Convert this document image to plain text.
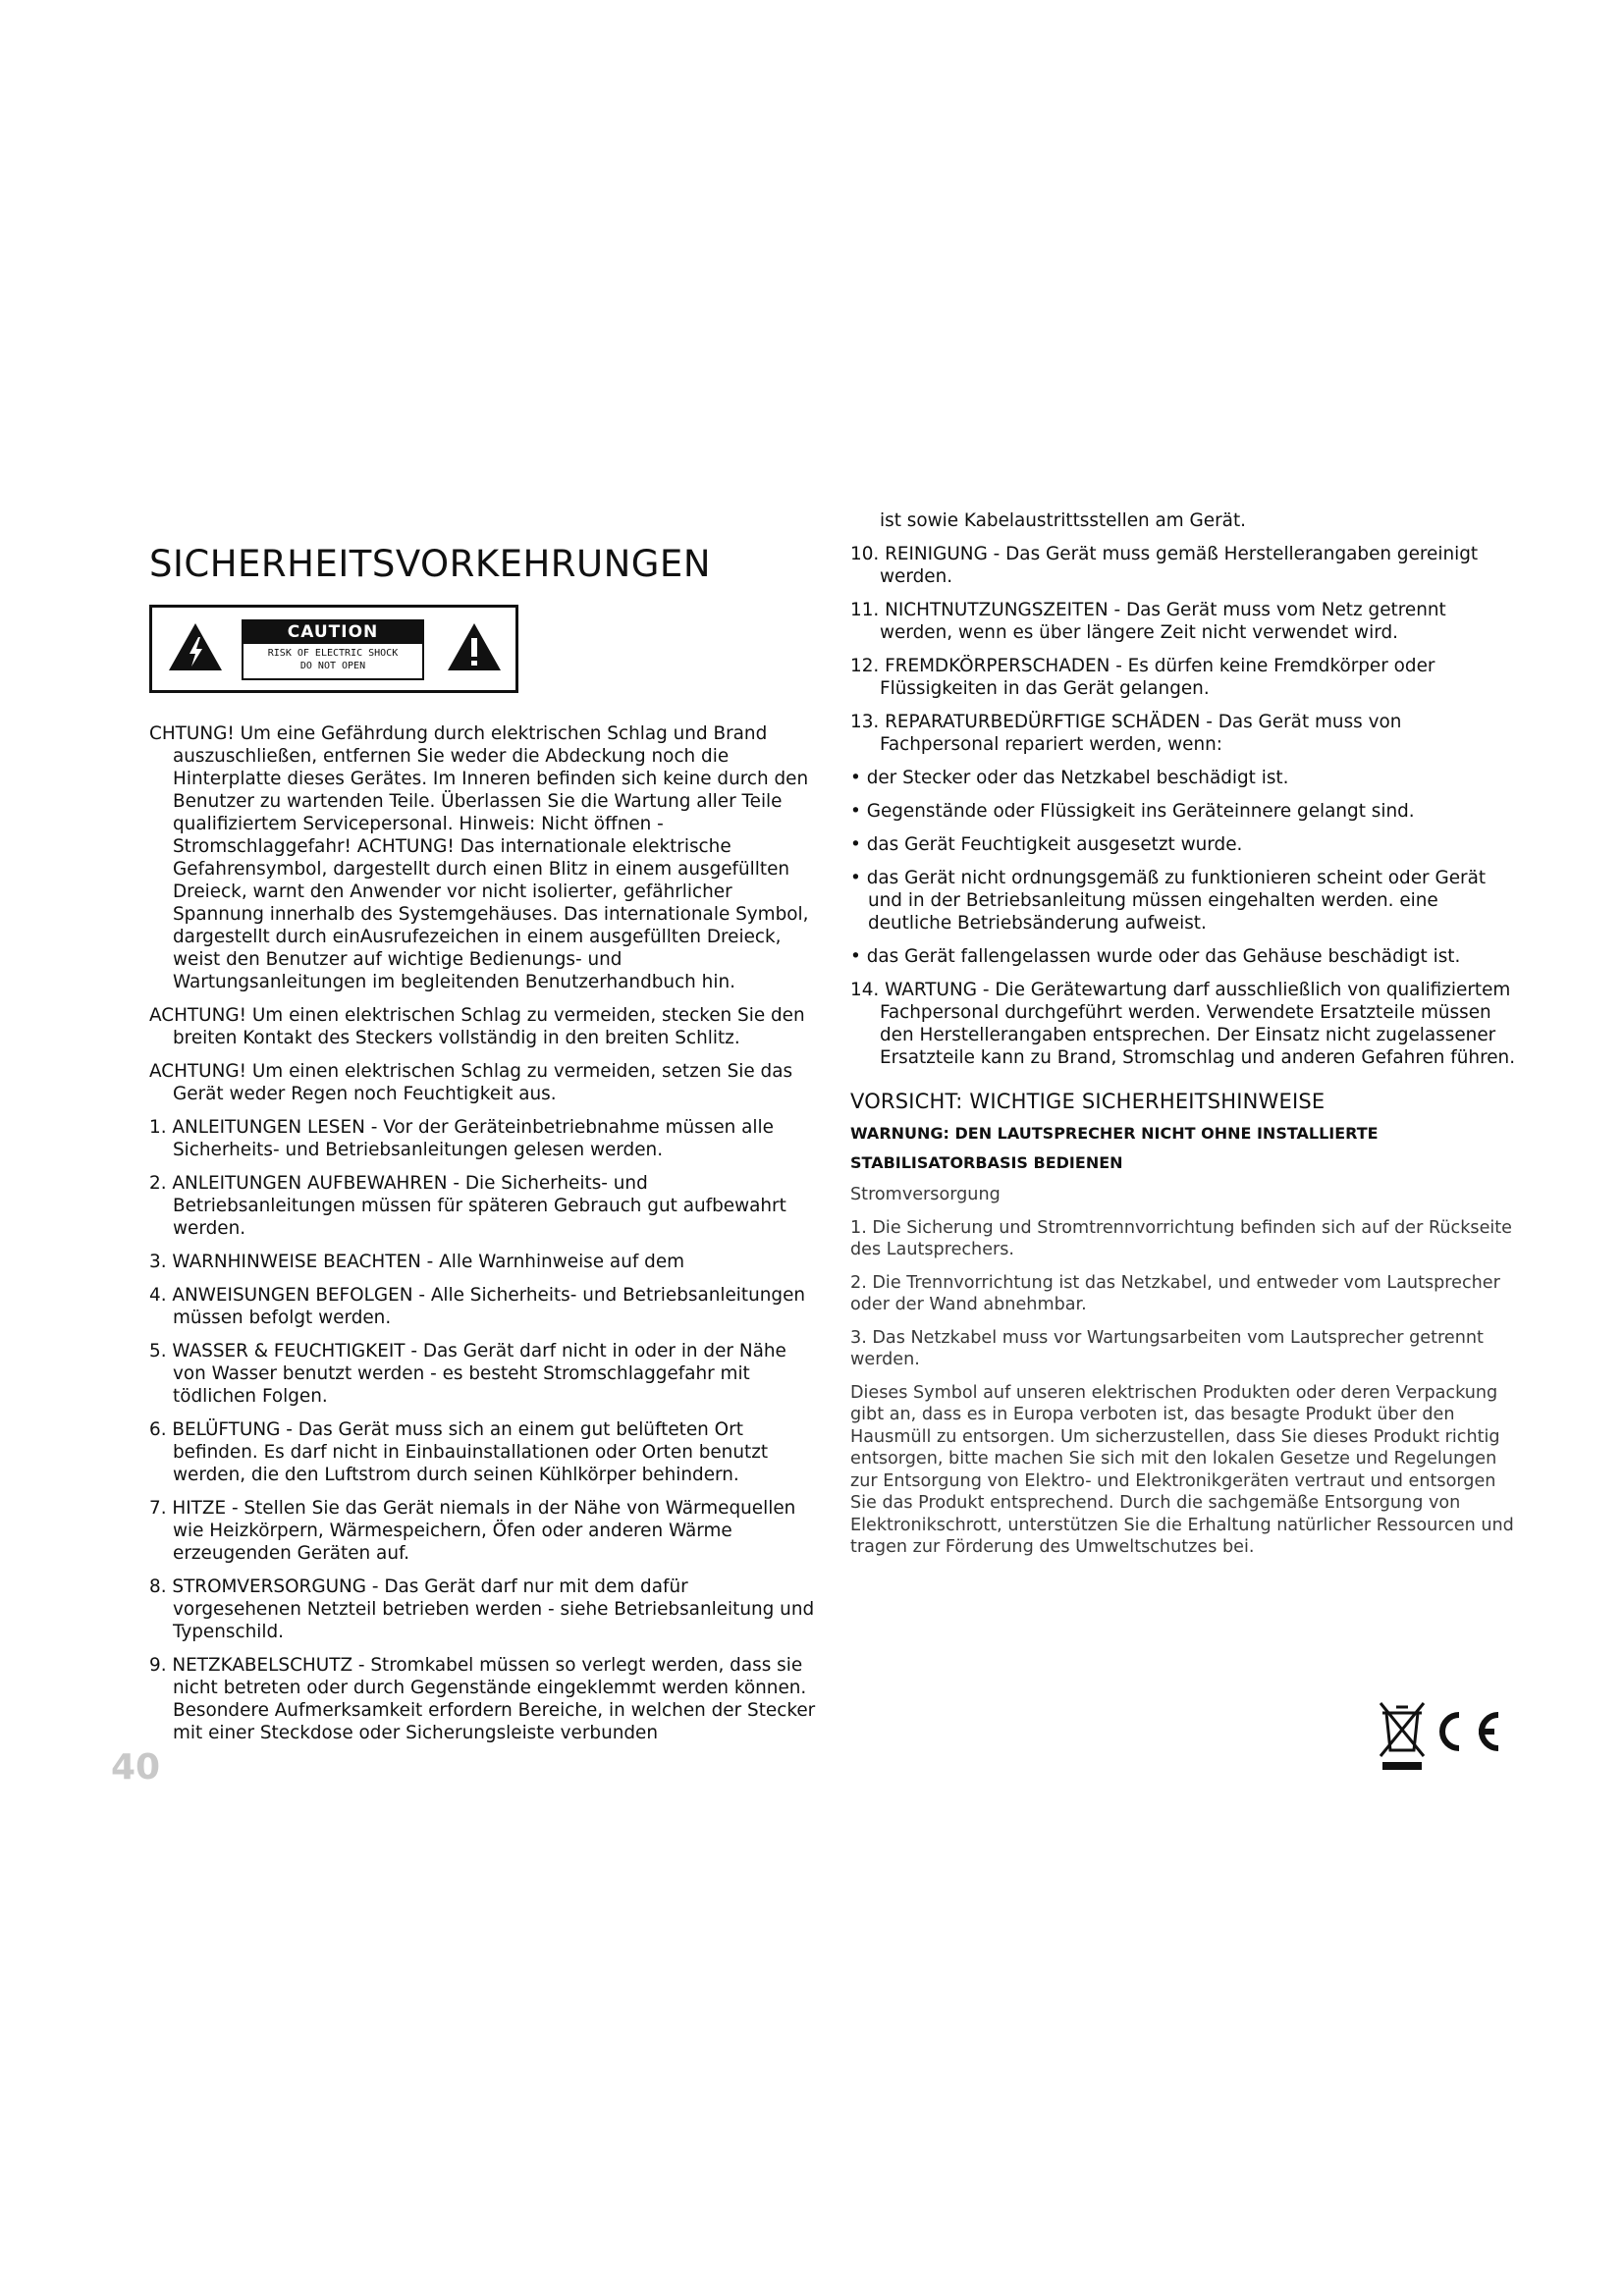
SICHERHEITSVORKEHRUNGEN
CAUTION
RISK OF ELECTRIC SHOCK
DO NOT OPEN

CHTUNG! Um eine Gefährdung durch elektrischen Schlag und Brand auszuschließen, entfernen Sie weder die Abdeckung noch die Hinterplatte dieses Gerätes. Im Inneren befinden sich keine durch den Benutzer zu wartenden Teile. Überlassen Sie die Wartung aller Teile qualifiziertem Servicepersonal. Hinweis: Nicht öffnen - Stromschlaggefahr! ACHTUNG! Das internationale elektrische Gefahrensymbol, dargestellt durch einen Blitz in einem ausgefüllten Dreieck, warnt den Anwender vor nicht isolierter, gefährlicher Spannung innerhalb des Systemgehäuses. Das internationale Symbol, dargestellt durch einAusrufezeichen in einem ausgefüllten Dreieck, weist den Benutzer auf wichtige Bedienungs- und Wartungsanleitungen im begleitenden Benutzerhandbuch hin.

ACHTUNG! Um einen elektrischen Schlag zu vermeiden, stecken Sie den breiten Kontakt des Steckers vollständig in den breiten Schlitz.

ACHTUNG! Um einen elektrischen Schlag zu vermeiden, setzen Sie das Gerät weder Regen noch Feuchtigkeit aus.

1. ANLEITUNGEN LESEN - Vor der Geräteinbetriebnahme müssen alle Sicherheits- und Betriebsanleitungen gelesen werden.

2. ANLEITUNGEN AUFBEWAHREN - Die Sicherheits- und Betriebsanleitungen müssen für späteren Gebrauch gut aufbewahrt werden.

3. WARNHINWEISE BEACHTEN - Alle Warnhinweise auf dem

4. ANWEISUNGEN BEFOLGEN - Alle Sicherheits- und Betriebsanleitungen müssen befolgt werden.

5. WASSER & FEUCHTIGKEIT - Das Gerät darf nicht in oder in der Nähe von Wasser benutzt werden - es besteht Stromschlaggefahr mit tödlichen Folgen.

6. BELÜFTUNG - Das Gerät muss sich an einem gut belüfteten Ort befinden. Es darf nicht in Einbauinstallationen oder Orten benutzt werden, die den Luftstrom durch seinen Kühlkörper behindern.

7. HITZE - Stellen Sie das Gerät niemals in der Nähe von Wärmequellen wie Heizkörpern, Wärmespeichern, Öfen oder anderen Wärme erzeugenden Geräten auf.

8. STROMVERSORGUNG - Das Gerät darf nur mit dem dafür vorgesehenen Netzteil betrieben werden - siehe Betriebsanleitung und Typenschild.

9. NETZKABELSCHUTZ - Stromkabel müssen so verlegt werden, dass sie nicht betreten oder durch Gegenstände eingeklemmt werden können. Besondere Aufmerksamkeit erfordern Bereiche, in welchen der Stecker mit einer Steckdose oder Sicherungsleiste verbunden

ist sowie Kabelaustrittsstellen am Gerät.

10. REINIGUNG - Das Gerät muss gemäß Herstellerangaben gereinigt werden.

11. NICHTNUTZUNGSZEITEN - Das Gerät muss vom Netz getrennt werden, wenn es über längere Zeit nicht verwendet wird.

12. FREMDKÖRPERSCHADEN - Es dürfen keine Fremdkörper oder Flüssigkeiten in das Gerät gelangen.

13. REPARATURBEDÜRFTIGE SCHÄDEN - Das Gerät muss von Fachpersonal repariert werden, wenn:

• der Stecker oder das Netzkabel beschädigt ist.

• Gegenstände oder Flüssigkeit ins Geräteinnere gelangt sind.

• das Gerät Feuchtigkeit ausgesetzt wurde.

• das Gerät nicht ordnungsgemäß zu funktionieren scheint oder Gerät und in der Betriebsanleitung müssen eingehalten werden. eine deutliche Betriebsänderung aufweist.

• das Gerät fallengelassen wurde oder das Gehäuse beschädigt ist.

14. WARTUNG - Die Gerätewartung darf ausschließlich von qualifiziertem Fachpersonal durchgeführt werden. Verwendete Ersatzteile müssen den Herstellerangaben entsprechen. Der Einsatz nicht zugelassener Ersatzteile kann zu Brand, Stromschlag und anderen Gefahren führen.

VORSICHT: WICHTIGE SICHERHEITSHINWEISE

WARNUNG: DEN LAUTSPRECHER NICHT OHNE INSTALLIERTE
STABILISATORBASIS BEDIENEN

Stromversorgung

1. Die Sicherung und Stromtrennvorrichtung befinden sich auf der Rückseite des Lautsprechers.

2. Die Trennvorrichtung ist das Netzkabel, und entweder vom Lautsprecher oder der Wand abnehmbar.

3. Das Netzkabel muss vor Wartungsarbeiten vom Lautsprecher getrennt werden.

Dieses Symbol auf unseren elektrischen Produkten oder deren Verpackung gibt an, dass es in Europa verboten ist, das besagte Produkt über den Hausmüll zu entsorgen. Um sicherzustellen, dass Sie dieses Produkt richtig entsorgen, bitte machen Sie sich mit den lokalen Gesetze und Regelungen zur Entsorgung von Elektro- und Elektronikgeräten vertraut und entsorgen Sie das Produkt entsprechend. Durch die sachgemäße Entsorgung von Elektronikschrott, unterstützen Sie die Erhaltung natürlicher Ressourcen und tragen zur Förderung des Umweltschutzes bei.

40
